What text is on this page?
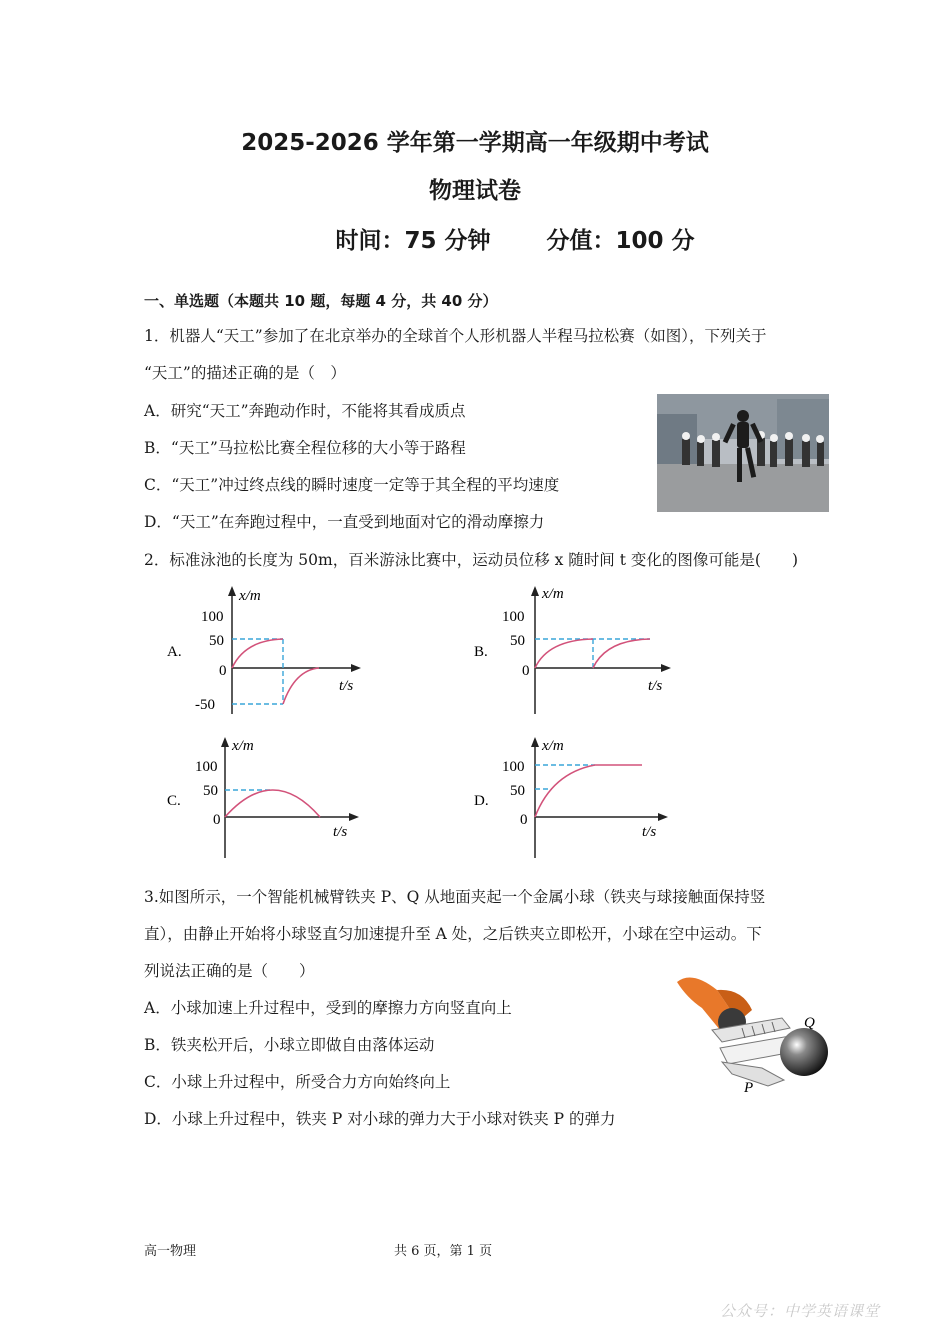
2025-2026 学年第一学期高一年级期中考试
物理试卷
时间：75 分钟 分值：100 分
一、单选题（本题共 10 题，每题 4 分，共 40 分）
1．机器人“天工”参加了在北京举办的全球首个人形机器人半程马拉松赛（如图），下列关于
“天工”的描述正确的是（　）
A．研究“天工”奔跑动作时，不能将其看成质点
B．“天工”马拉松比赛全程位移的大小等于路程
C．“天工”冲过终点线的瞬时速度一定等于其全程的平均速度
D．“天工”在奔跑过程中，一直受到地面对它的滑动摩擦力
2．标准泳池的长度为 50m，百米游泳比赛中，运动员位移 x 随时间 t 变化的图像可能是(　　)
A.
x/m
t/s
100
50
0
-50
B.
x/m
t/s
100
50
0
C.
x/m
t/s
100
50
0
D.
x/m
t/s
100
50
0
3.如图所示，一个智能机械臂铁夹 P、Q 从地面夹起一个金属小球（铁夹与球接触面保持竖
直），由静止开始将小球竖直匀加速提升至 A 处，之后铁夹立即松开，小球在空中运动。下
列说法正确的是（　　）
A．小球加速上升过程中，受到的摩擦力方向竖直向上
B．铁夹松开后，小球立即做自由落体运动
C．小球上升过程中，所受合力方向始终向上
D．小球上升过程中，铁夹 P 对小球的弹力大于小球对铁夹 P 的弹力
Q
P
高一物理	共 6 页，第 1 页
公众号：中学英语课堂
